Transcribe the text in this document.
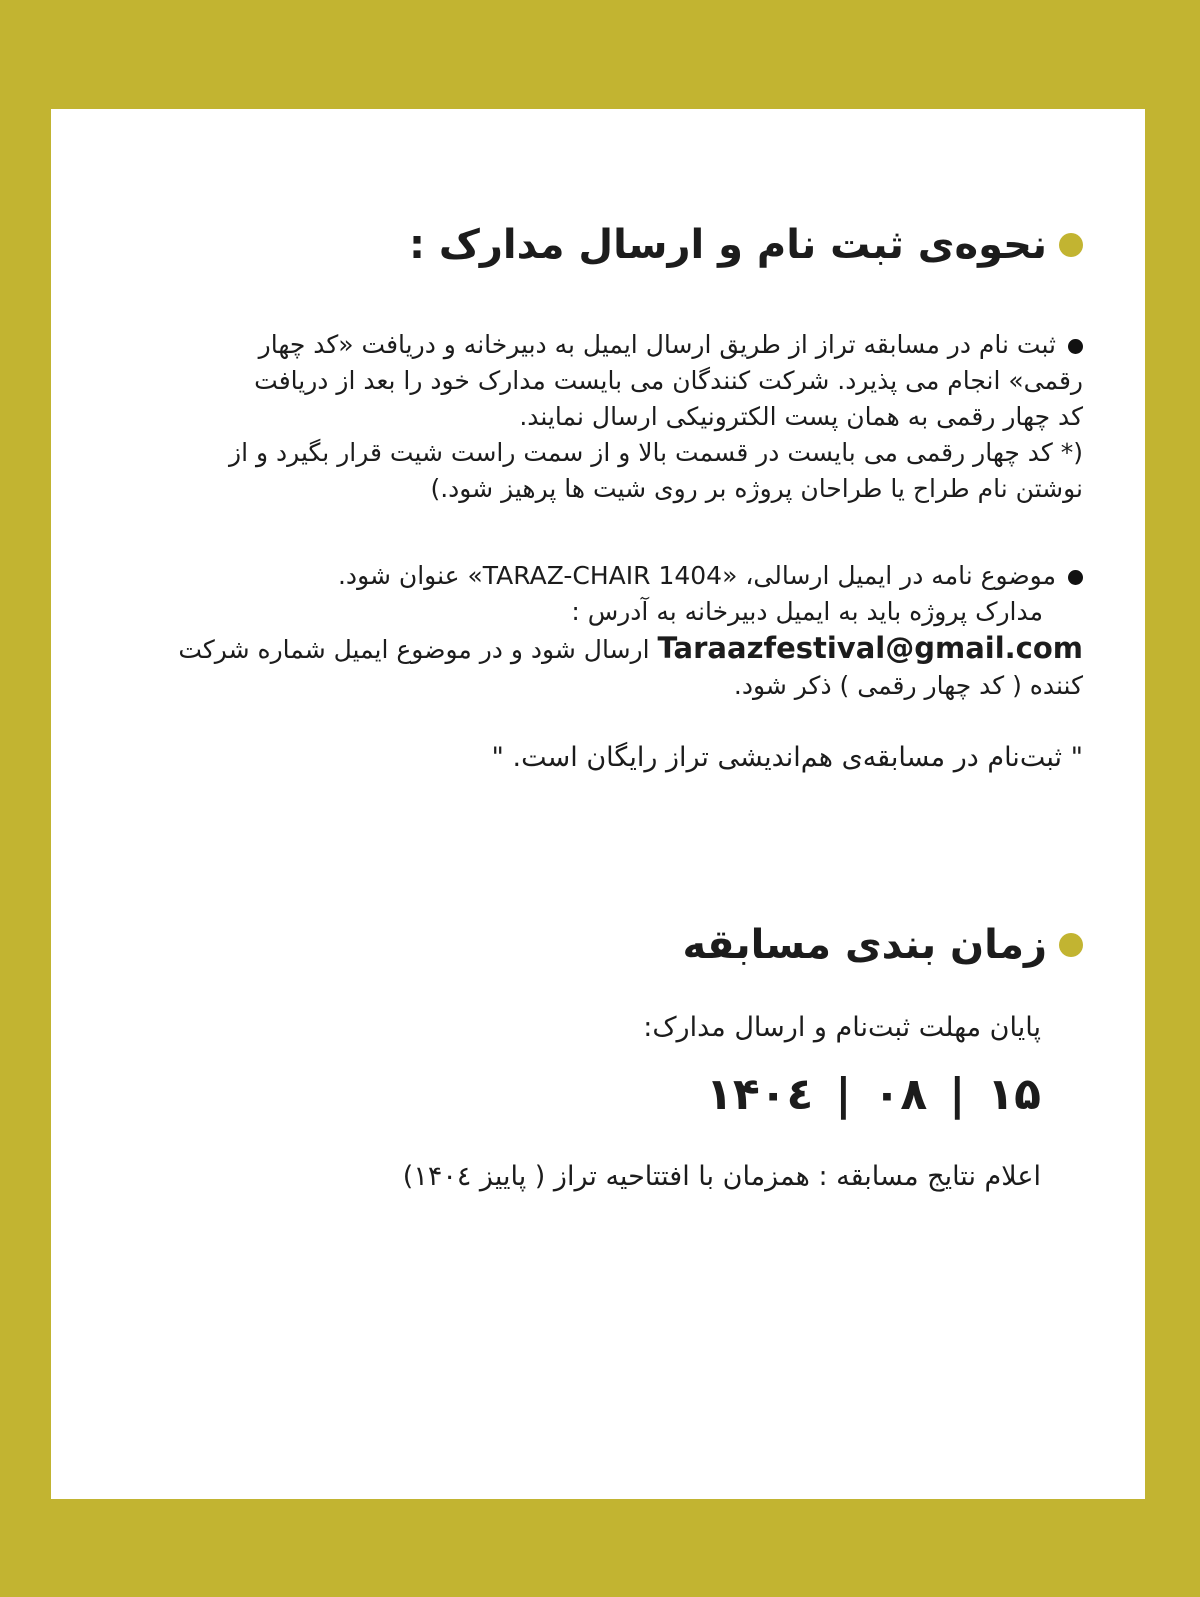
نحوه‌ی ثبت نام و ارسال مدارک :

ثبت نام در مسابقه تراز از طریق ارسال ایمیل به دبیرخانه و دریافت «کد چهار

رقمی» انجام می پذیرد. شرکت کنندگان می بایست مدارک خود را بعد از دریافت

کد چهار رقمی به همان پست الکترونیکی ارسال نمایند.

(* کد چهار رقمی می بایست در قسمت بالا و از سمت راست شیت قرار بگیرد و از

نوشتن نام طراح یا طراحان پروژه بر روی شیت ها پرهیز شود.)

موضوع نامه در ایمیل ارسالی، «TARAZ-CHAIR 1404» عنوان شود.

مدارک پروژه باید به ایمیل دبیرخانه به آدرس :

Taraazfestival@gmail.com ارسال شود و در موضوع ایمیل شماره شرکت

کننده ( کد چهار رقمی ) ذکر شود.

" ثبت‌نام در مسابقه‌ی هم‌اندیشی تراز رایگان است. "
زمان بندی مسابقه
پایان مهلت ثبت‌نام و ارسال مدارک:
۱۵
|
۰۸
|
۱۴۰٤
اعلام نتایج مسابقه : همزمان با افتتاحیه تراز ( پاییز ۱۴۰٤)
